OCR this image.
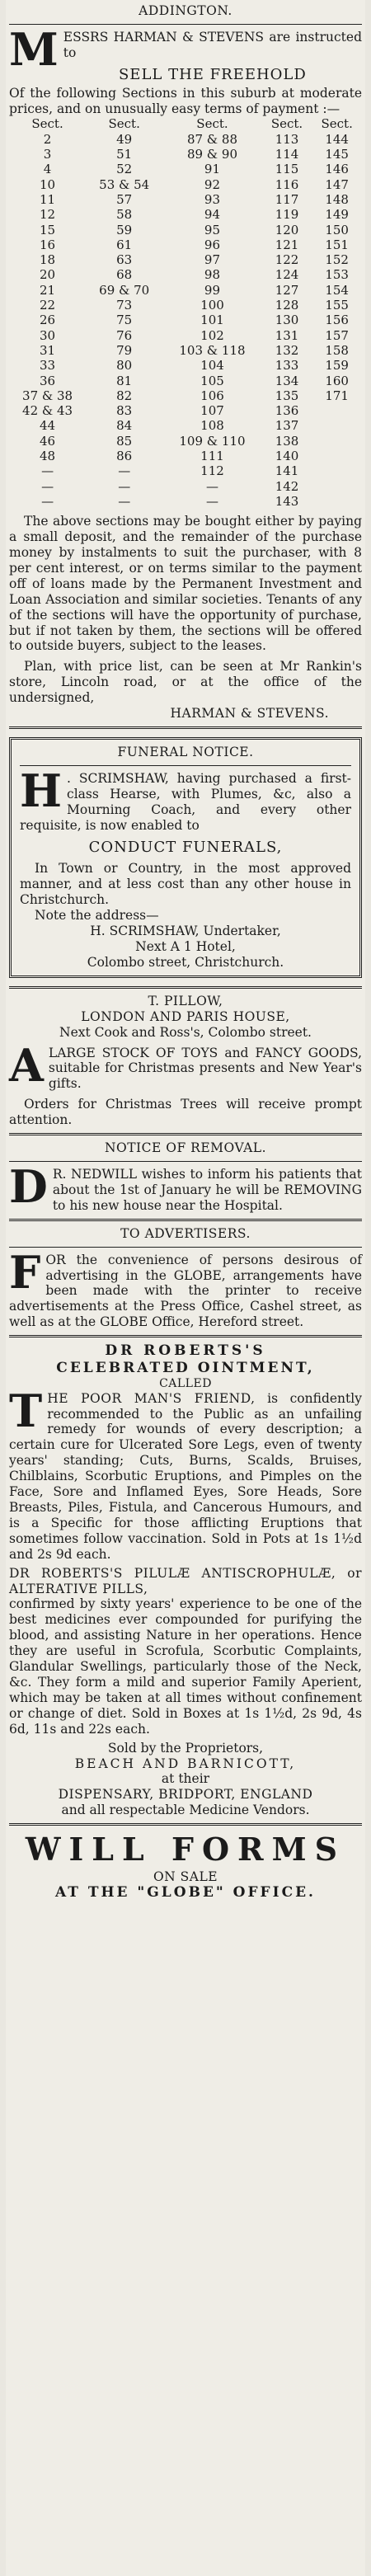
ADDINGTON.
M ESSRS HARMAN & STEVENS are instructed to
SELL THE FREEHOLD
Of the following Sections in this suburb at moderate prices, and on unusually easy terms of payment :—
Sect.	Sect.	Sect.	Sect.	Sect.
2	49	87 & 88	113	144
3	51	89 & 90	114	145
4	52	91	115	146
10	53 & 54	92	116	147
11	57	93	117	148
12	58	94	119	149
15	59	95	120	150
16	61	96	121	151
18	63	97	122	152
20	68	98	124	153
21	69 & 70	99	127	154
22	73	100	128	155
26	75	101	130	156
30	76	102	131	157
31	79	103 & 118	132	158
33	80	104	133	159
36	81	105	134	160
37 & 38	82	106	135	171
42 & 43	83	107	136	
44	84	108	137	
46	85	109 & 110	138	
48	86	111	140	
—	—	112	141	
—	—	—	142	
—	—	—	143	
The above sections may be bought either by paying a small deposit, and the remainder of the purchase money by instalments to suit the purchaser, with 8 per cent interest, or on terms similar to the payment off of loans made by the Permanent Investment and Loan Association and similar societies. Tenants of any of the sections will have the opportunity of purchase, but if not taken by them, the sections will be offered to outside buyers, subject to the leases.
Plan, with price list, can be seen at Mr Rankin's store, Lincoln road, or at the office of the undersigned,
HARMAN & STEVENS.
FUNERAL NOTICE.
H . SCRIMSHAW, having purchased a first-class Hearse, with Plumes, &c, also a Mourning Coach, and every other requisite, is now enabled to
CONDUCT FUNERALS,
In Town or Country, in the most approved manner, and at less cost than any other house in Christchurch.
Note the address—
H. SCRIMSHAW, Undertaker,
Next A 1 Hotel,
Colombo street, Christchurch.
T. PILLOW,
LONDON AND PARIS HOUSE,
Next Cook and Ross's, Colombo street.
A LARGE STOCK OF TOYS and FANCY GOODS, suitable for Christmas presents and New Year's gifts.
Orders for Christmas Trees will receive prompt attention.
NOTICE OF REMOVAL.
D R. NEDWILL wishes to inform his patients that about the 1st of January he will be REMOVING to his new house near the Hospital.
TO ADVERTISERS.
F OR the convenience of persons desirous of advertising in the GLOBE, arrangements have been made with the printer to receive advertisements at the Press Office, Cashel street, as well as at the GLOBE Office, Hereford street.
DR ROBERTS'S
CELEBRATED OINTMENT,
CALLED
T HE POOR MAN'S FRIEND, is confidently recommended to the Public as an unfailing remedy for wounds of every description; a certain cure for Ulcerated Sore Legs, even of twenty years' standing; Cuts, Burns, Scalds, Bruises, Chilblains, Scorbutic Eruptions, and Pimples on the Face, Sore and Inflamed Eyes, Sore Heads, Sore Breasts, Piles, Fistula, and Cancerous Humours, and is a Specific for those afflicting Eruptions that sometimes follow vaccination. Sold in Pots at 1s 1½d and 2s 9d each.
DR ROBERTS'S PILULÆ ANTISCROPHULÆ, or ALTERATIVE PILLS,
confirmed by sixty years' experience to be one of the best medicines ever compounded for purifying the blood, and assisting Nature in her operations. Hence they are useful in Scrofula, Scorbutic Complaints, Glandular Swellings, particularly those of the Neck, &c. They form a mild and superior Family Aperient, which may be taken at all times without confinement or change of diet. Sold in Boxes at 1s 1½d, 2s 9d, 4s 6d, 11s and 22s each.
Sold by the Proprietors,
BEACH AND BARNICOTT,
at their
DISPENSARY, BRIDPORT, ENGLAND
and all respectable Medicine Vendors.
WILL FORMS
ON SALE
AT THE "GLOBE" OFFICE.
